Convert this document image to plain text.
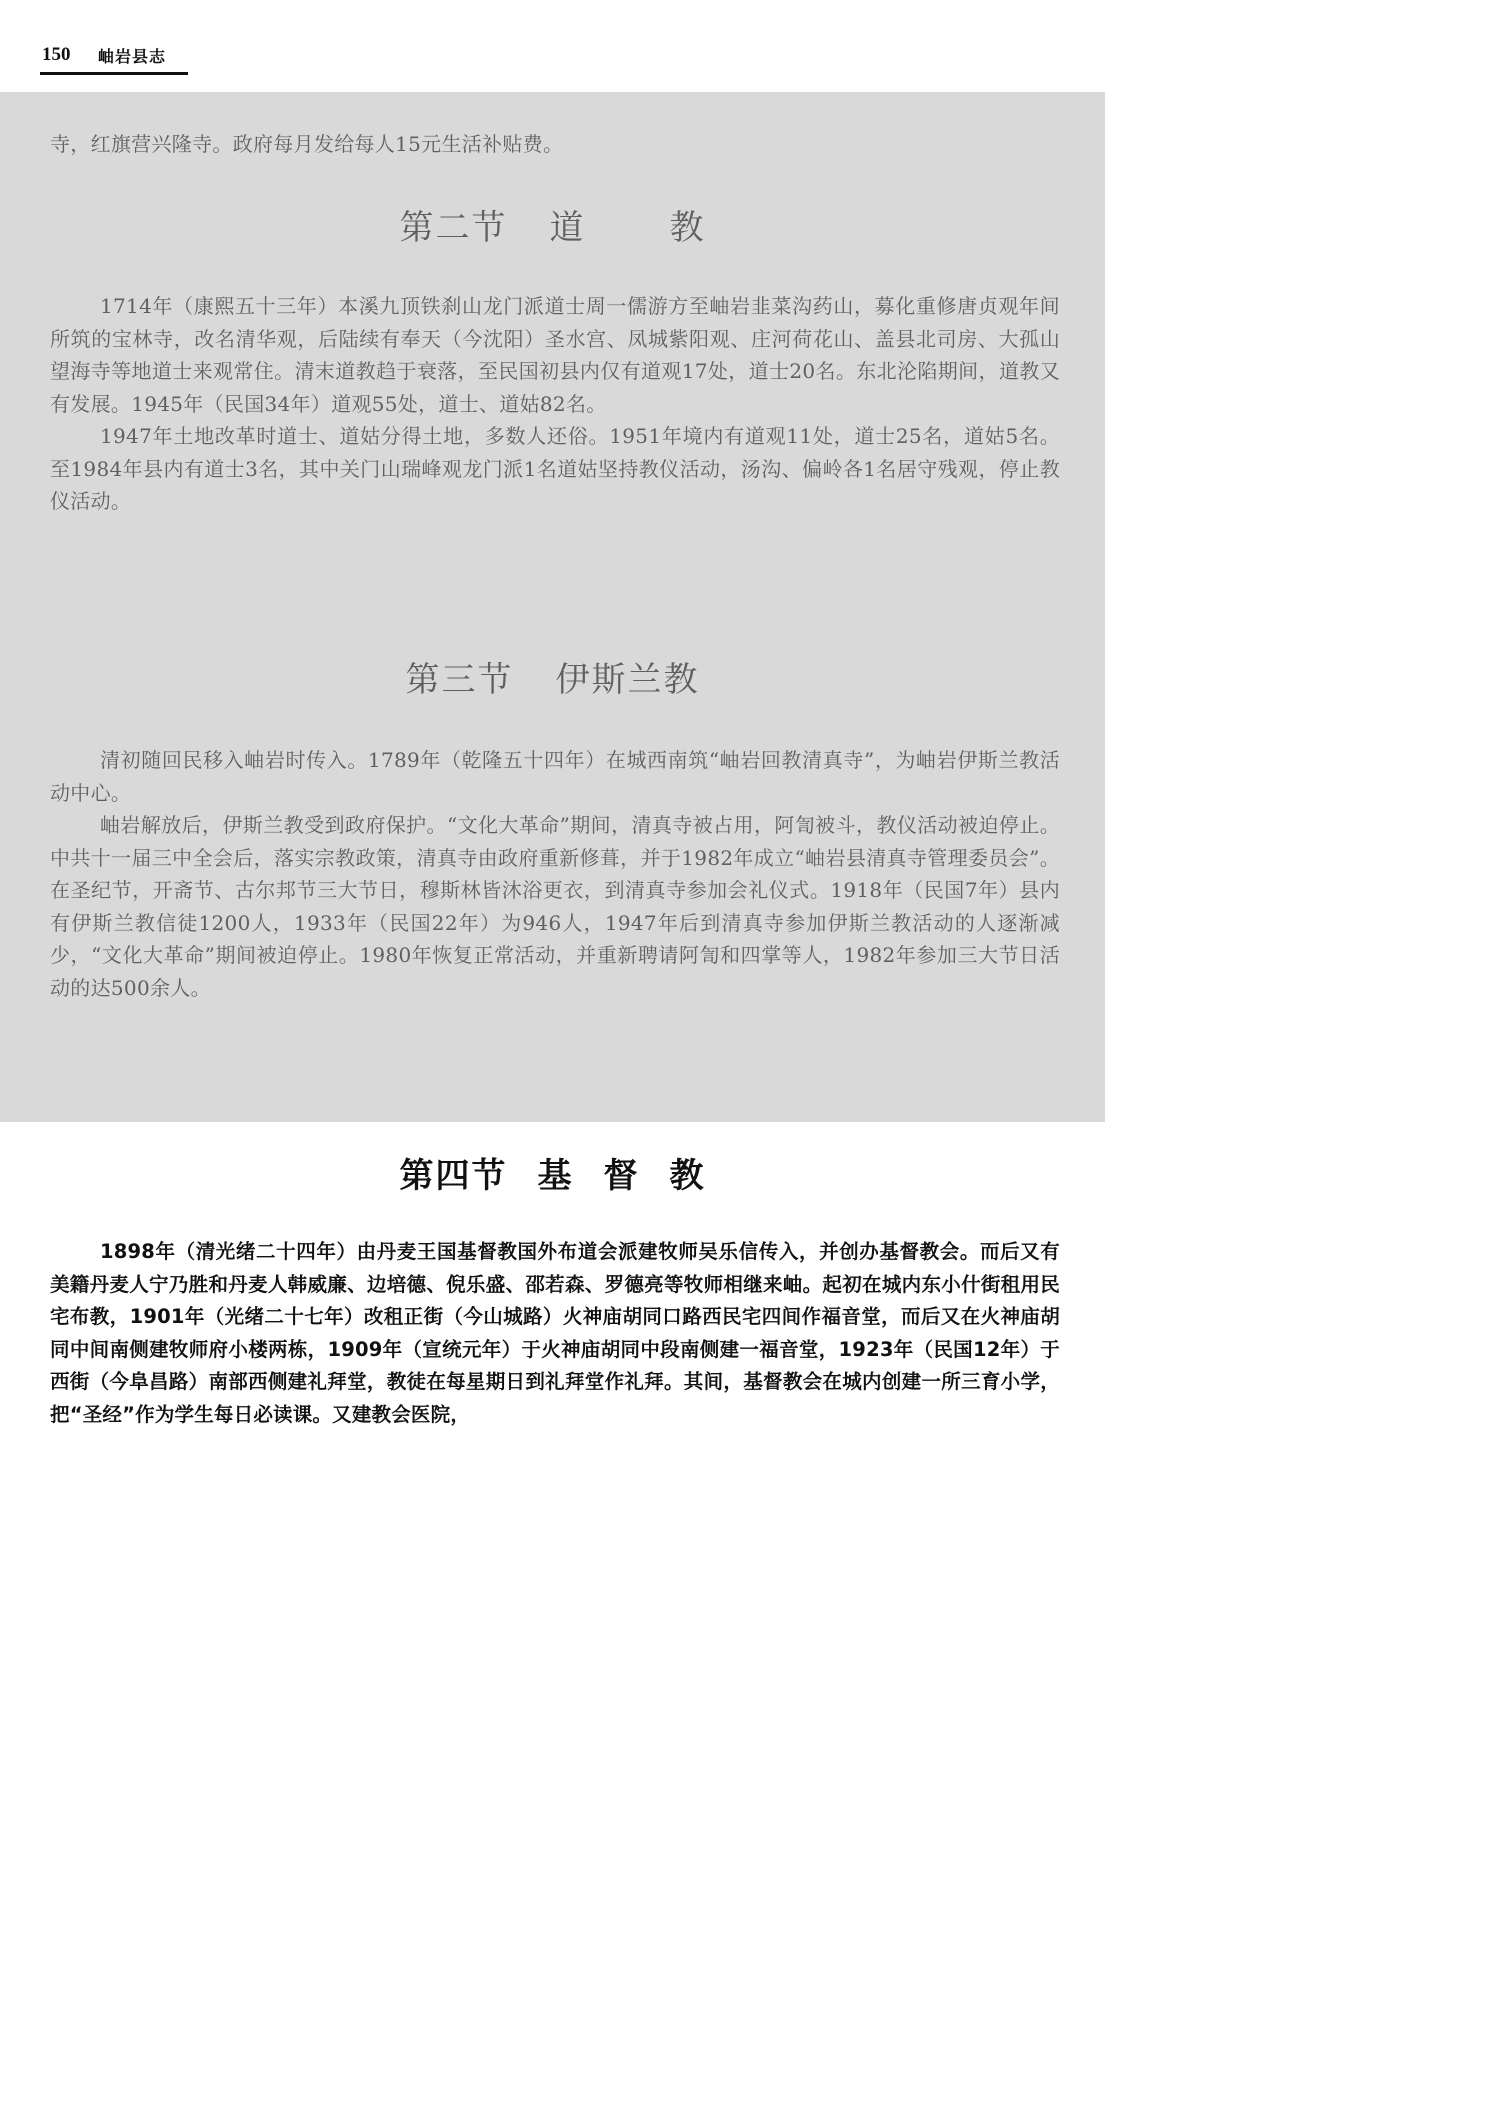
150 岫岩县志

寺，红旗营兴隆寺。政府每月发给每人15元生活补贴费。

第二节 道 教

1714年（康熙五十三年）本溪九顶铁刹山龙门派道士周一儒游方至岫岩韭菜沟药山，募化重修唐贞观年间所筑的宝林寺，改名清华观，后陆续有奉天（今沈阳）圣水宫、凤城紫阳观、庄河荷花山、盖县北司房、大孤山望海寺等地道士来观常住。清末道教趋于衰落，至民国初县内仅有道观17处，道士20名。东北沦陷期间，道教又有发展。1945年（民国34年）道观55处，道士、道姑82名。

1947年土地改革时道士、道姑分得土地，多数人还俗。1951年境内有道观11处，道士25名，道姑5名。至1984年县内有道士3名，其中关门山瑞峰观龙门派1名道姑坚持教仪活动，汤沟、偏岭各1名居守残观，停止教仪活动。

第三节 伊斯兰教

清初随回民移入岫岩时传入。1789年（乾隆五十四年）在城西南筑“岫岩回教清真寺”，为岫岩伊斯兰教活动中心。

岫岩解放后，伊斯兰教受到政府保护。“文化大革命”期间，清真寺被占用，阿訇被斗，教仪活动被迫停止。中共十一届三中全会后，落实宗教政策，清真寺由政府重新修葺，并于1982年成立“岫岩县清真寺管理委员会”。在圣纪节，开斋节、古尔邦节三大节日，穆斯林皆沐浴更衣，到清真寺参加会礼仪式。1918年（民国7年）县内有伊斯兰教信徒1200人，1933年（民国22年）为946人，1947年后到清真寺参加伊斯兰教活动的人逐渐减少，“文化大革命”期间被迫停止。1980年恢复正常活动，并重新聘请阿訇和四掌等人，1982年参加三大节日活动的达500余人。

第四节 基 督 教

1898年（清光绪二十四年）由丹麦王国基督教国外布道会派建牧师吴乐信传入，并创办基督教会。而后又有美籍丹麦人宁乃胜和丹麦人韩威廉、边培德、倪乐盛、邵若森、罗德亮等牧师相继来岫。起初在城内东小什街租用民宅布教，1901年（光绪二十七年）改租正街（今山城路）火神庙胡同口路西民宅四间作福音堂，而后又在火神庙胡同中间南侧建牧师府小楼两栋，1909年（宣统元年）于火神庙胡同中段南侧建一福音堂，1923年（民国12年）于西街（今阜昌路）南部西侧建礼拜堂，教徒在每星期日到礼拜堂作礼拜。其间，基督教会在城内创建一所三育小学，把“圣经”作为学生每日必读课。又建教会医院，
